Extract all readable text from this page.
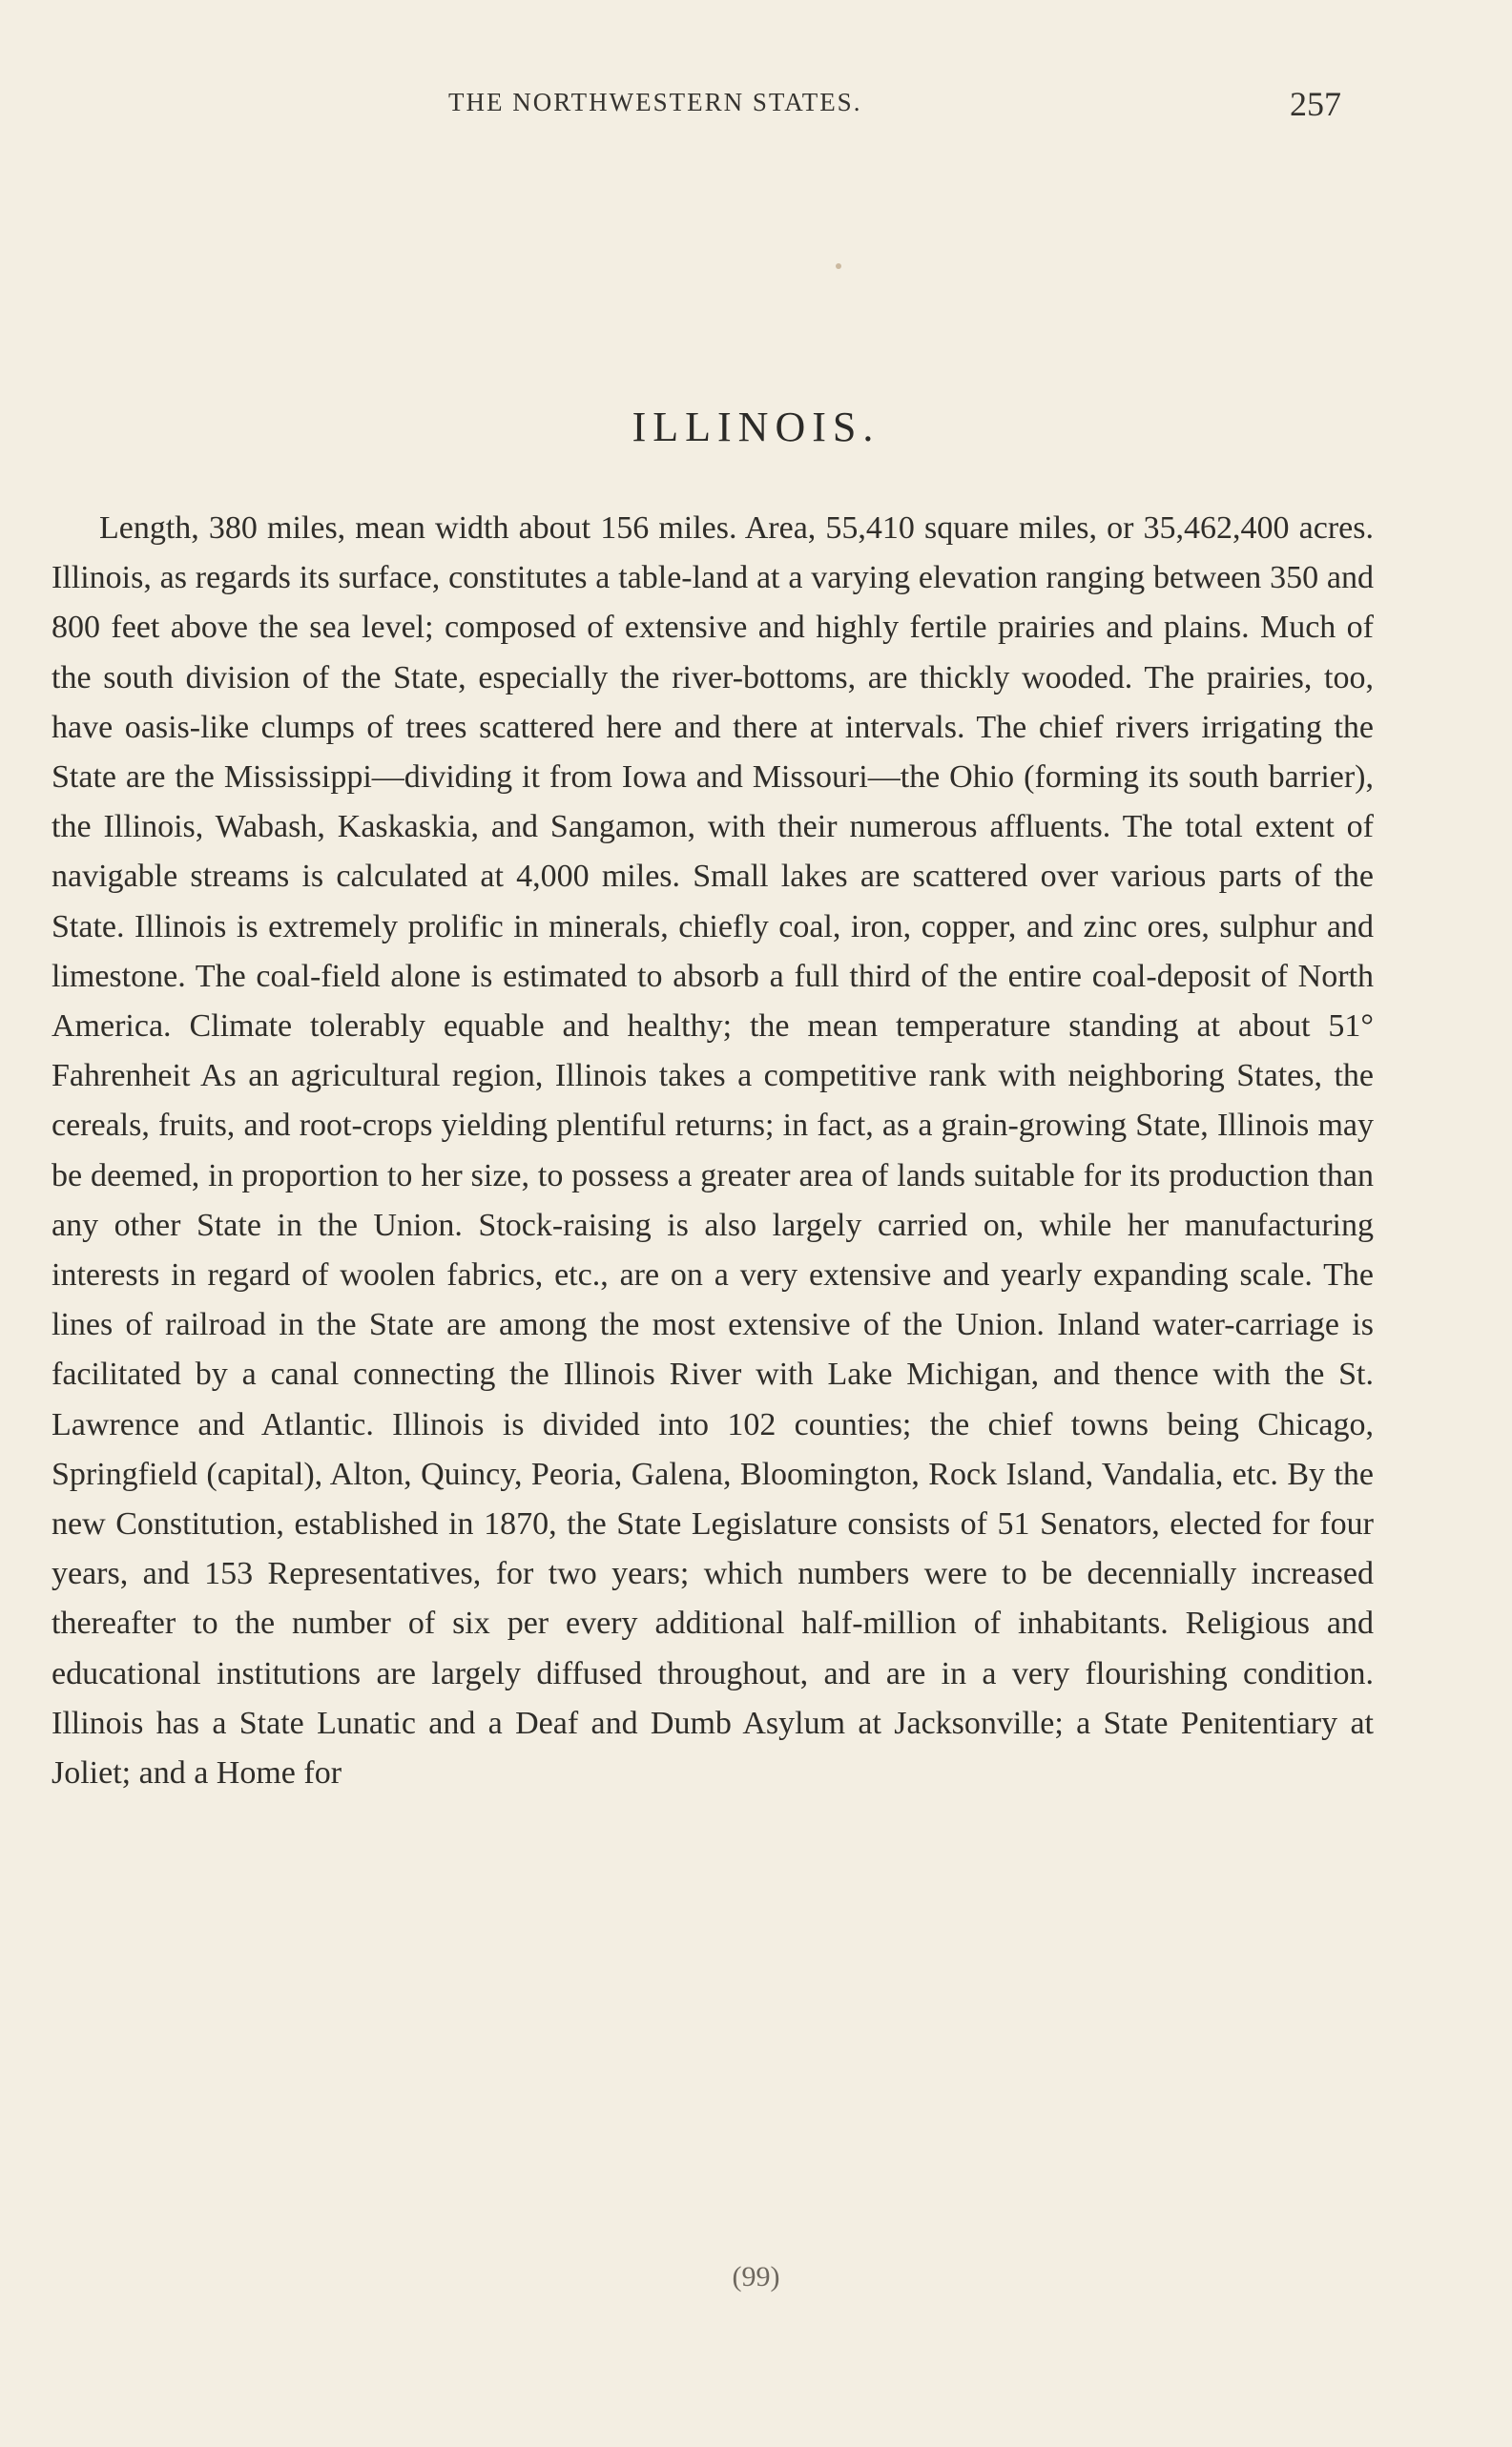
THE NORTHWESTERN STATES.	257
ILLINOIS.

Length, 380 miles, mean width about 156 miles. Area, 55,410 square miles, or 35,462,400 acres. Illinois, as regards its surface, constitutes a table-land at a varying elevation ranging between 350 and 800 feet above the sea level; composed of extensive and highly fertile prairies and plains. Much of the south division of the State, especially the river-bottoms, are thickly wooded. The prairies, too, have oasis-like clumps of trees scattered here and there at intervals. The chief rivers irrigating the State are the Mississippi—dividing it from Iowa and Missouri—the Ohio (forming its south barrier), the Illinois, Wabash, Kaskaskia, and Sangamon, with their numerous affluents. The total extent of navigable streams is calculated at 4,000 miles. Small lakes are scattered over various parts of the State. Illinois is extremely prolific in minerals, chiefly coal, iron, copper, and zinc ores, sulphur and limestone. The coal-field alone is estimated to absorb a full third of the entire coal-deposit of North America. Climate tolerably equable and healthy; the mean temperature standing at about 51° Fahrenheit As an agricultural region, Illinois takes a competitive rank with neighboring States, the cereals, fruits, and root-crops yielding plentiful returns; in fact, as a grain-growing State, Illinois may be deemed, in proportion to her size, to possess a greater area of lands suitable for its production than any other State in the Union. Stock-raising is also largely carried on, while her manufacturing interests in regard of woolen fabrics, etc., are on a very extensive and yearly expanding scale. The lines of railroad in the State are among the most extensive of the Union. Inland water-carriage is facilitated by a canal connecting the Illinois River with Lake Michigan, and thence with the St. Lawrence and Atlantic. Illinois is divided into 102 counties; the chief towns being Chicago, Springfield (capital), Alton, Quincy, Peoria, Galena, Bloomington, Rock Island, Vandalia, etc. By the new Constitution, established in 1870, the State Legislature consists of 51 Senators, elected for four years, and 153 Representatives, for two years; which numbers were to be decennially increased thereafter to the number of six per every additional half-million of inhabitants. Religious and educational institutions are largely diffused throughout, and are in a very flourishing condition. Illinois has a State Lunatic and a Deaf and Dumb Asylum at Jacksonville; a State Penitentiary at Joliet; and a Home for

(99)
